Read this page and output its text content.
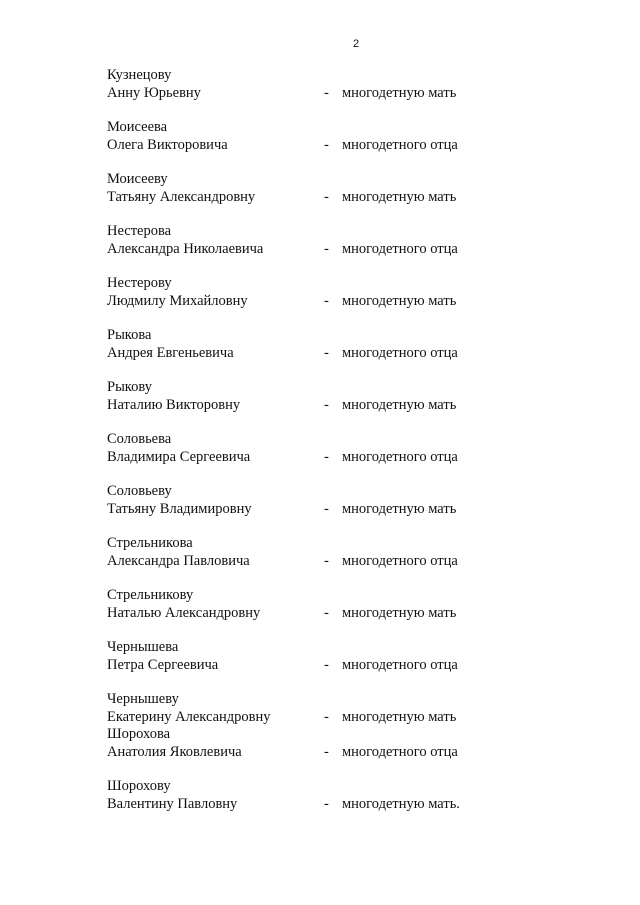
2
Кузнецову
Анну Юрьевну	- многодетную мать
Моисеева
Олега Викторовича	- многодетного отца
Моисееву
Татьяну Александровну	- многодетную мать
Нестерова
Александра Николаевича	- многодетного отца
Нестерову
Людмилу Михайловну	- многодетную мать
Рыкова
Андрея Евгеньевича	- многодетного отца
Рыкову
Наталию Викторовну	- многодетную мать
Соловьева
Владимира Сергеевича	- многодетного отца
Соловьеву
Татьяну Владимировну	- многодетную мать
Стрельникова
Александра Павловича	- многодетного отца
Стрельникову
Наталью Александровну	- многодетную мать
Чернышева
Петра Сергеевича	- многодетного отца
Чернышеву
Екатерину Александровну	- многодетную мать
Шорохова
Анатолия Яковлевича	- многодетного отца
Шорохову
Валентину Павловну	- многодетную мать.
